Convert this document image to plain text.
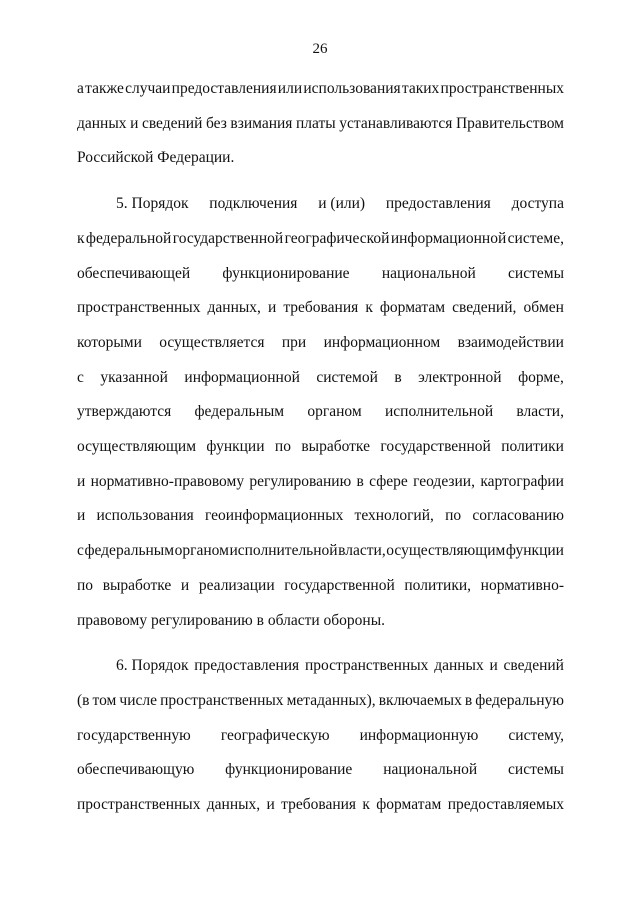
26
а также случаи предоставления или использования таких пространственных
данных и сведений без взимания платы устанавливаются Правительством
Российской Федерации.
5. Порядок подключения и (или) предоставления доступа
к федеральной государственной географической информационной системе,
обеспечивающей функционирование национальной системы
пространственных данных, и требования к форматам сведений, обмен
которыми осуществляется при информационном взаимодействии
с указанной информационной системой в электронной форме,
утверждаются федеральным органом исполнительной власти,
осуществляющим функции по выработке государственной политики
и нормативно-правовому регулированию в сфере геодезии, картографии
и использования геоинформационных технологий, по согласованию
с федеральным органом исполнительной власти, осуществляющим функции
по выработке и реализации государственной политики, нормативно-
правовому регулированию в области обороны.
6. Порядок предоставления пространственных данных и сведений
(в том числе пространственных метаданных), включаемых в федеральную
государственную географическую информационную систему,
обеспечивающую функционирование национальной системы
пространственных данных, и требования к форматам предоставляемых
